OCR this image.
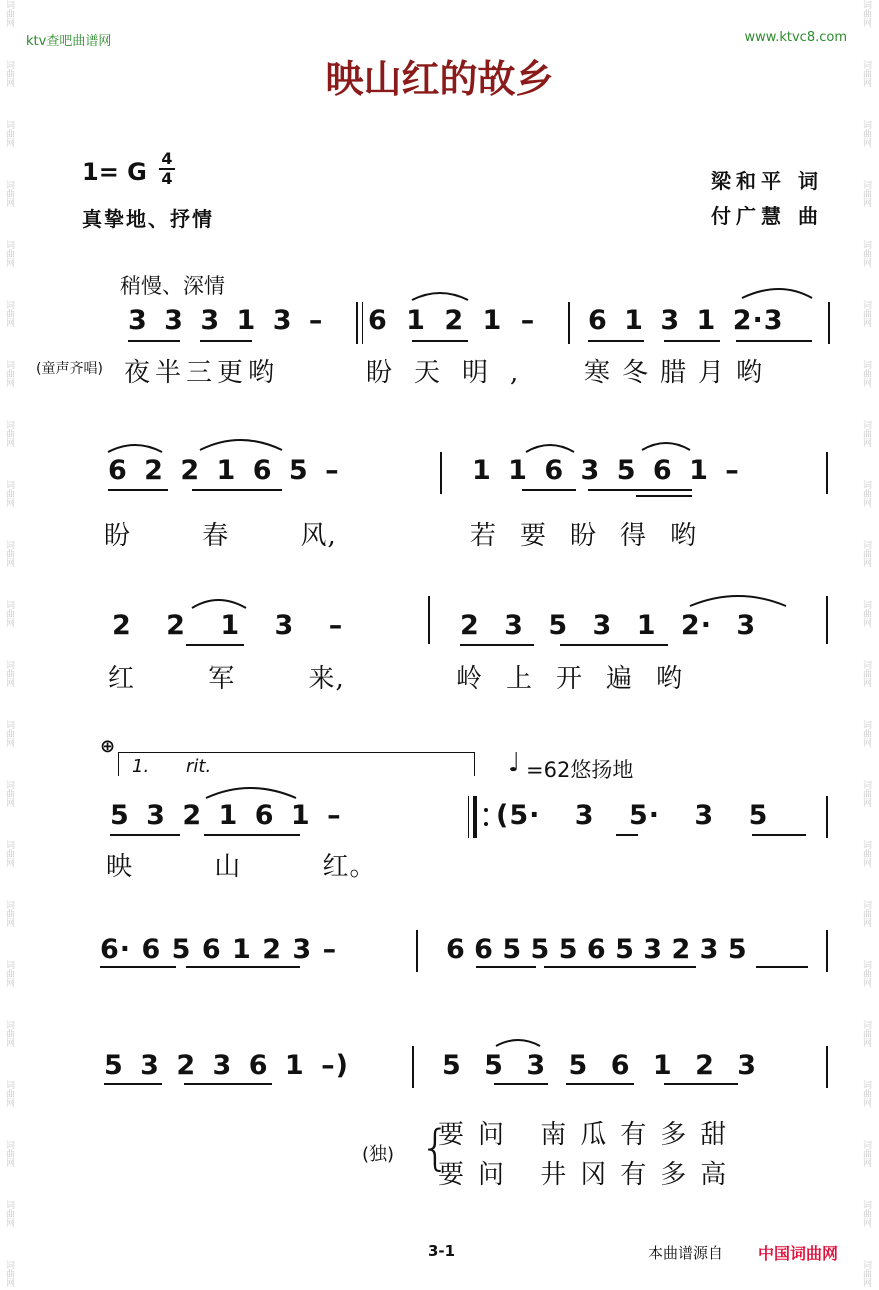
词曲网
词曲网
词曲网
词曲网
词曲网
词曲网
词曲网
词曲网
词曲网
词曲网
词曲网
词曲网
词曲网
词曲网
词曲网
词曲网
词曲网
词曲网
词曲网
词曲网
词曲网
词曲网
词曲网
词曲网
词曲网
词曲网
词曲网
词曲网
词曲网
词曲网
词曲网
词曲网
词曲网
词曲网
词曲网
词曲网
词曲网
词曲网
词曲网
词曲网
词曲网
词曲网
词曲网
词曲网
ktv查吧曲谱网	www.ktvc8.com
映山红的故乡
1= G 4
4
真挚地、抒情
梁和平 词
付广慧 曲
稍慢、深情
3 3 3 1 3 – 6 1 2 1 – 6 1 3 1 2·3
(童声齐唱) 夜半三更哟	盼天明, 寒冬腊月哟
6 2 2 1 6 5 –	1 1 6 3 5 6 1 –
盼 春 风,	若要盼得哟
2 2 1 3 –	2 3 5 3 1 2· 3
红 军 来,	岭上开遍哟
⊕
1. rit.	♩ =62悠扬地
5 3 2 1 6 1 –	(5· 3 5· 3 5
映 山 红。
6· 6 5 6 1 2 3 –	6 6 5 5 5 6 5 3 2 3 5
5 3 2 3 6 1 –)	5 5 3 5 6 1 2 3
(独) {
要问 南瓜有多甜
要问 井冈有多高
3-1	本曲谱源自 中国词曲网
